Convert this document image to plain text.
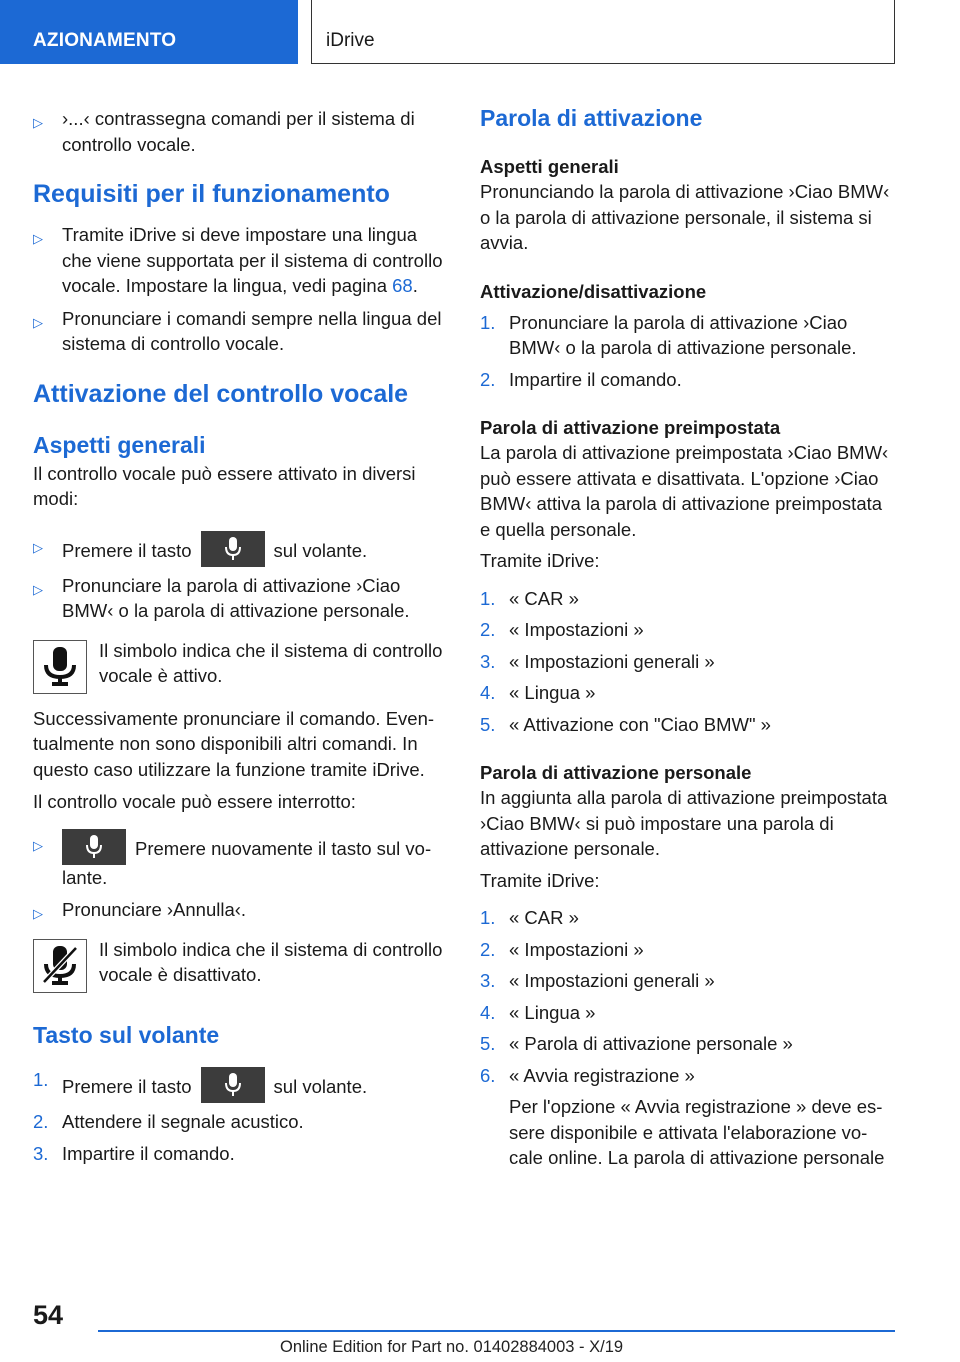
AZIONAMENTO	iDrive
▷ ›...‹ contrassegna comandi per il sistema di controllo vocale.
Requisiti per il funzionamento
▷ Tramite iDrive si deve impostare una lingua che viene supportata per il sistema di controllo vocale. Impostare la lingua, vedi pagina 68.
▷ Pronunciare i comandi sempre nella lingua del sistema di controllo vocale.
Attivazione del controllo vocale
Aspetti generali

Il controllo vocale può essere attivato in diversi modi:

▷ Premere il tasto	sul volante.
▷ Pronunciare la parola di attivazione ›Ciao BMW‹ o la parola di attivazione personale.
Il simbolo indica che il sistema di controllo vocale è attivo.

Successivamente pronunciare il comando. Eventualmente non sono disponibili altri comandi. In questo caso utilizzare la funzione tramite iDrive.

Il controllo vocale può essere interrotto:

▷	Premere nuovamente il tasto sul volante.
▷ Pronunciare ›Annulla‹.
Il simbolo indica che il sistema di controllo vocale è disattivato.
Tasto sul volante
1. Premere il tasto	sul volante.
2. Attendere il segnale acustico.
3. Impartire il comando.
Parola di attivazione
Aspetti generali

Pronunciando la parola di attivazione ›Ciao BMW‹ o la parola di attivazione personale, il sistema si avvia.

Attivazione/disattivazione
1. Pronunciare la parola di attivazione ›Ciao BMW‹ o la parola di attivazione personale.
2. Impartire il comando.
Parola di attivazione preimpostata

La parola di attivazione preimpostata ›Ciao BMW‹ può essere attivata e disattivata. L'opzione ›Ciao BMW‹ attiva la parola di attivazione preimpostata e quella personale.

Tramite iDrive:

1. « CAR »
2. « Impostazioni »
3. « Impostazioni generali »
4. « Lingua »
5. « Attivazione con "Ciao BMW" »
Parola di attivazione personale

In aggiunta alla parola di attivazione preimpostata ›Ciao BMW‹ si può impostare una parola di attivazione personale.

Tramite iDrive:

1. « CAR »
2. « Impostazioni »
3. « Impostazioni generali »
4. « Lingua »
5. « Parola di attivazione personale »
6. « Avvia registrazione »

Per l'opzione « Avvia registrazione » deve essere disponibile e attivata l'elaborazione vocale online. La parola di attivazione personale

54
Online Edition for Part no. 01402884003 - X/19
